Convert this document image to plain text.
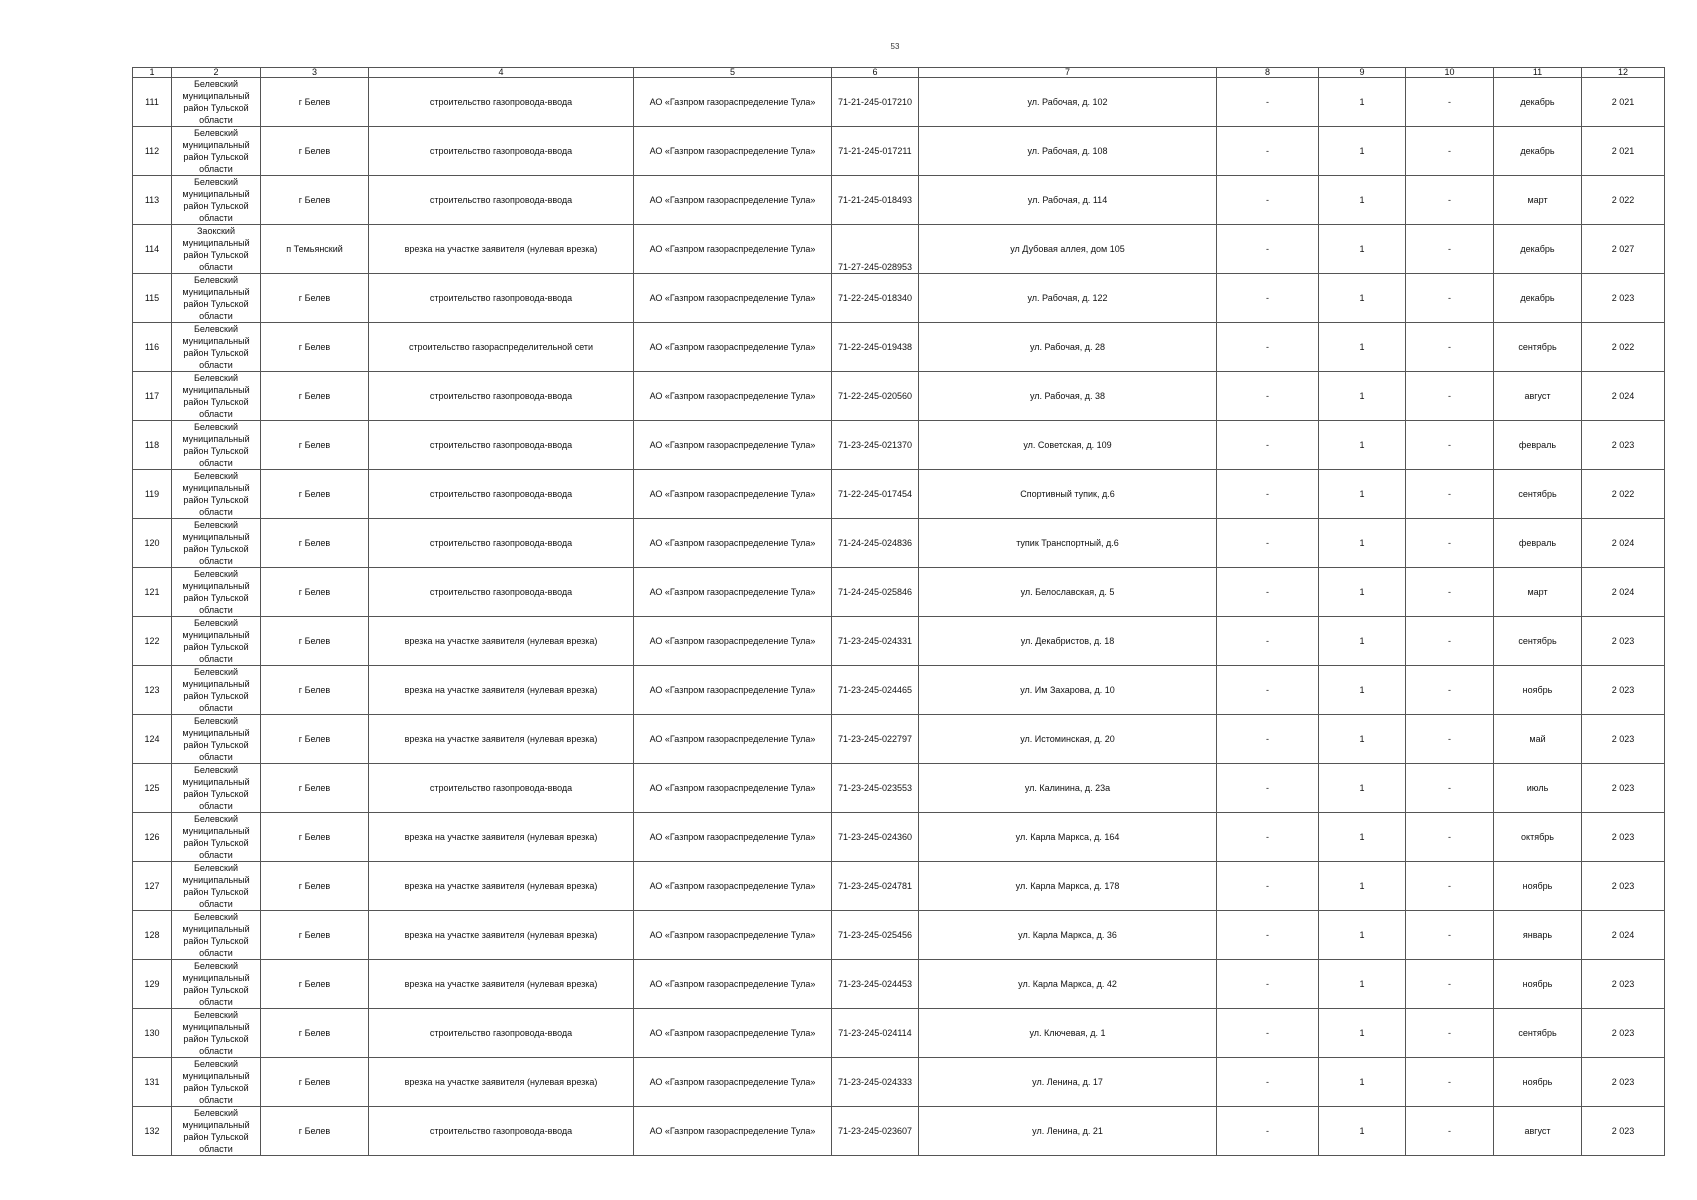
53
1	2	3	4	5	6	7	8	9	10	11	12
111	Белевский муниципальный район Тульской области	г Белев	строительство газопровода-ввода	АО «Газпром газораспределение Тула»	71-21-245-017210	ул. Рабочая, д. 102	-	1	-	декабрь	2 021
112	Белевский муниципальный район Тульской области	г Белев	строительство газопровода-ввода	АО «Газпром газораспределение Тула»	71-21-245-017211	ул. Рабочая, д. 108	-	1	-	декабрь	2 021
113	Белевский муниципальный район Тульской области	г Белев	строительство газопровода-ввода	АО «Газпром газораспределение Тула»	71-21-245-018493	ул. Рабочая, д. 114	-	1	-	март	2 022
114	Заокский муниципальный район Тульской области	п Темьянский	врезка на участке заявителя (нулевая врезка)	АО «Газпром газораспределение Тула»	71-27-245-028953	ул Дубовая аллея, дом 105	-	1	-	декабрь	2 027
115	Белевский муниципальный район Тульской области	г Белев	строительство газопровода-ввода	АО «Газпром газораспределение Тула»	71-22-245-018340	ул. Рабочая, д. 122	-	1	-	декабрь	2 023
116	Белевский муниципальный район Тульской области	г Белев	строительство газораспределительной сети	АО «Газпром газораспределение Тула»	71-22-245-019438	ул. Рабочая, д. 28	-	1	-	сентябрь	2 022
117	Белевский муниципальный район Тульской области	г Белев	строительство газопровода-ввода	АО «Газпром газораспределение Тула»	71-22-245-020560	ул. Рабочая, д. 38	-	1	-	август	2 024
118	Белевский муниципальный район Тульской области	г Белев	строительство газопровода-ввода	АО «Газпром газораспределение Тула»	71-23-245-021370	ул. Советская, д. 109	-	1	-	февраль	2 023
119	Белевский муниципальный район Тульской области	г Белев	строительство газопровода-ввода	АО «Газпром газораспределение Тула»	71-22-245-017454	Спортивный тупик, д.6	-	1	-	сентябрь	2 022
120	Белевский муниципальный район Тульской области	г Белев	строительство газопровода-ввода	АО «Газпром газораспределение Тула»	71-24-245-024836	тупик Транспортный, д.6	-	1	-	февраль	2 024
121	Белевский муниципальный район Тульской области	г Белев	строительство газопровода-ввода	АО «Газпром газораспределение Тула»	71-24-245-025846	ул. Белославская, д. 5	-	1	-	март	2 024
122	Белевский муниципальный район Тульской области	г Белев	врезка на участке заявителя (нулевая врезка)	АО «Газпром газораспределение Тула»	71-23-245-024331	ул. Декабристов, д. 18	-	1	-	сентябрь	2 023
123	Белевский муниципальный район Тульской области	г Белев	врезка на участке заявителя (нулевая врезка)	АО «Газпром газораспределение Тула»	71-23-245-024465	ул. Им Захарова, д. 10	-	1	-	ноябрь	2 023
124	Белевский муниципальный район Тульской области	г Белев	врезка на участке заявителя (нулевая врезка)	АО «Газпром газораспределение Тула»	71-23-245-022797	ул. Истоминская, д. 20	-	1	-	май	2 023
125	Белевский муниципальный район Тульской области	г Белев	строительство газопровода-ввода	АО «Газпром газораспределение Тула»	71-23-245-023553	ул. Калинина, д. 23а	-	1	-	июль	2 023
126	Белевский муниципальный район Тульской области	г Белев	врезка на участке заявителя (нулевая врезка)	АО «Газпром газораспределение Тула»	71-23-245-024360	ул. Карла Маркса, д. 164	-	1	-	октябрь	2 023
127	Белевский муниципальный район Тульской области	г Белев	врезка на участке заявителя (нулевая врезка)	АО «Газпром газораспределение Тула»	71-23-245-024781	ул. Карла Маркса, д. 178	-	1	-	ноябрь	2 023
128	Белевский муниципальный район Тульской области	г Белев	врезка на участке заявителя (нулевая врезка)	АО «Газпром газораспределение Тула»	71-23-245-025456	ул. Карла Маркса, д. 36	-	1	-	январь	2 024
129	Белевский муниципальный район Тульской области	г Белев	врезка на участке заявителя (нулевая врезка)	АО «Газпром газораспределение Тула»	71-23-245-024453	ул. Карла Маркса, д. 42	-	1	-	ноябрь	2 023
130	Белевский муниципальный район Тульской области	г Белев	строительство газопровода-ввода	АО «Газпром газораспределение Тула»	71-23-245-024114	ул. Ключевая, д. 1	-	1	-	сентябрь	2 023
131	Белевский муниципальный район Тульской области	г Белев	врезка на участке заявителя (нулевая врезка)	АО «Газпром газораспределение Тула»	71-23-245-024333	ул. Ленина, д. 17	-	1	-	ноябрь	2 023
132	Белевский муниципальный район Тульской области	г Белев	строительство газопровода-ввода	АО «Газпром газораспределение Тула»	71-23-245-023607	ул. Ленина, д. 21	-	1	-	август	2 023
